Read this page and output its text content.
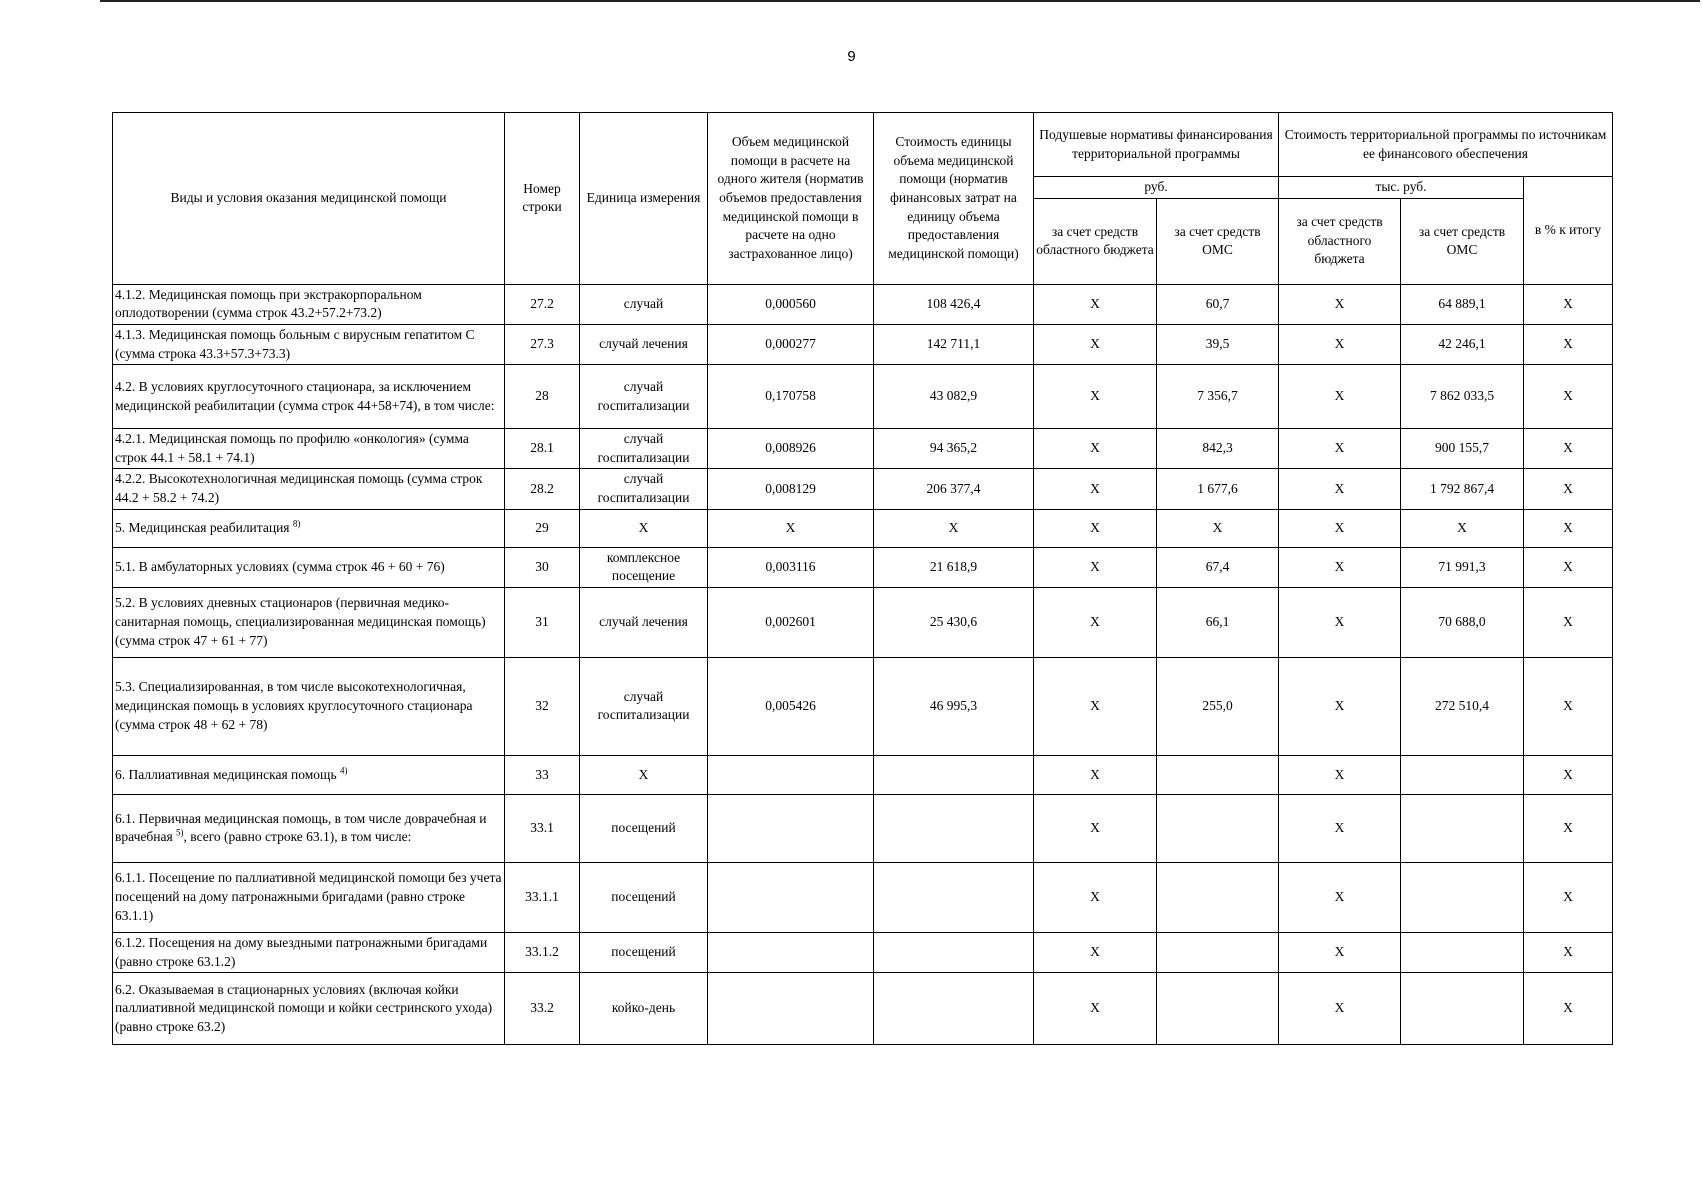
9
Виды и условия оказания медицинской помощи	Номер строки	Единица измерения	Объем медицинской помощи в расчете на одного жителя (норматив объемов предоставления медицинской помощи в расчете на одно застрахованное лицо)	Стоимость единицы объема медицинской помощи (норматив финансовых затрат на единицу объема предоставления медицинской помощи)	Подушевые нормативы финансирования территориальной программы		Стоимость территориальной программы по источникам ее финансового обеспечения		
					руб.		тыс. руб.		в % к итогу
					за счет средств областного бюджета	за счет средств ОМС	за счет средств областного бюджета	за счет средств ОМС	
4.1.2. Медицинская помощь при экстракорпоральном оплодотворении (сумма строк 43.2+57.2+73.2)	27.2	случай	0,000560	108 426,4	X	60,7	X	64 889,1	X
4.1.3. Медицинская помощь больным с вирусным гепатитом С (сумма строка 43.3+57.3+73.3)	27.3	случай лечения	0,000277	142 711,1	X	39,5	X	42 246,1	X
4.2. В условиях круглосуточного стационара, за исключением медицинской реабилитации (сумма строк 44+58+74), в том числе:	28	случай госпитализации	0,170758	43 082,9	X	7 356,7	X	7 862 033,5	X
4.2.1. Медицинская помощь по профилю «онкология» (сумма строк 44.1 + 58.1 + 74.1)	28.1	случай госпитализации	0,008926	94 365,2	X	842,3	X	900 155,7	X
4.2.2. Высокотехнологичная медицинская помощь (сумма строк 44.2 + 58.2 + 74.2)	28.2	случай госпитализации	0,008129	206 377,4	X	1 677,6	X	1 792 867,4	X
5. Медицинская реабилитация $^{8)}$	29	X	X	X	X	X	X	X	X
5.1. В амбулаторных условиях (сумма строк 46 + 60 + 76)	30	комплексное посещение	0,003116	21 618,9	X	67,4	X	71 991,3	X
5.2. В условиях дневных стационаров (первичная медико-санитарная помощь, специализированная медицинская помощь) (сумма строк 47 + 61 + 77)	31	случай лечения	0,002601	25 430,6	X	66,1	X	70 688,0	X
5.3. Специализированная, в том числе высокотехнологичная, медицинская помощь в условиях круглосуточного стационара (сумма строк 48 + 62 + 78)	32	случай госпитализации	0,005426	46 995,3	X	255,0	X	272 510,4	X
6. Паллиативная медицинская помощь $^{4)}$	33	X			X		X		X
6.1. Первичная медицинская помощь, в том числе доврачебная и врачебная $^{5)}$, всего (равно строке 63.1), в том числе:	33.1	посещений			X		X		X
6.1.1. Посещение по паллиативной медицинской помощи без учета посещений на дому патронажными бригадами (равно строке 63.1.1)	33.1.1	посещений			X		X		X
6.1.2. Посещения на дому выездными патронажными бригадами (равно строке 63.1.2)	33.1.2	посещений			X		X		X
6.2. Оказываемая в стационарных условиях (включая койки паллиативной медицинской помощи и койки сестринского ухода) (равно строке 63.2)	33.2	койко-день			X		X		X
